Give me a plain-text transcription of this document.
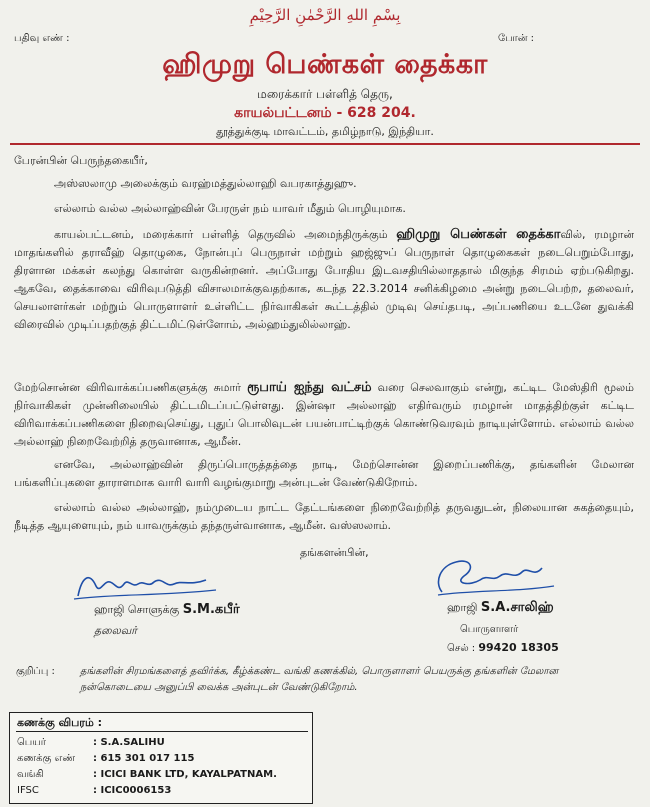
بِسْمِ اللهِ الرَّحْمٰنِ الرَّحِيْمِ
பதிவு எண் :	போன் :
ஹிமுறு பெண்கள் தைக்கா
மரைக்கார் பள்ளித் தெரு,
காயல்பட்டனம் - 628 204.
தூத்துக்குடி மாவட்டம், தமிழ்நாடு, இந்தியா.
பேரன்பின் பெருந்தகையீர்,
அஸ்ஸலாமு அலைக்கும் வரஹ்மத்துல்லாஹி வபரகாத்துஹு.
எல்லாம் வல்ல அல்லாஹ்வின் பேரருள் நம் யாவர் மீதும் பொழியுமாக.
காயல்பட்டனம், மரைக்கார் பள்ளித் தெருவில் அமைந்திருக்கும் ஹிமுறு பெண்கள் தைக்காவில், ரமழான் மாதங்களில் தராவீஹ் தொழுகை, நோன்புப் பெருநாள் மற்றும் ஹஜ்ஜுப் பெருநாள் தொழுகைகள் நடைபெறும்போது, திரளான மக்கள் கலந்து கொள்ள வருகின்றனர். அப்போது போதிய இடவசதியில்லாததால் மிகுந்த சிரமம் ஏற்படுகிறது. ஆகவே, தைக்காவை விரிவுபடுத்தி விசாலமாக்குவதற்காக, கடந்த 22.3.2014 சனிக்கிழமை அன்று நடைபெற்ற, தலைவர், செயலாளர்கள் மற்றும் பொருளாளர் உள்ளிட்ட நிர்வாகிகள் கூட்டத்தில் முடிவு செய்தபடி, அப்பணியை உடனே துவக்கி விரைவில் முடிப்பதற்குத் திட்டமிட்டுள்ளோம், அல்ஹம்துலில்லாஹ்.
மேற்சொன்ன விரிவாக்கப்பணிகளுக்கு சுமார் ரூபாய் ஐந்து வட்சம் வரை செலவாகும் என்று, கட்டிட மேஸ்திரி மூலம் நிர்வாகிகள் முன்னிலையில் திட்டமிடப்பட்டுள்ளது. இன்ஷா அல்லாஹ் எதிர்வரும் ரமழான் மாதத்திற்குள் கட்டிட விரிவாக்கப்பணிகளை நிறைவுசெய்து, புதுப் பொலிவுடன் பயன்பாட்டிற்குக் கொண்டுவரவும் நாடியுள்ளோம். எல்லாம் வல்ல அல்லாஹ் நிறைவேற்றித் தருவானாக, ஆமீன்.
எனவே, அல்லாஹ்வின் திருப்பொருத்தத்தை நாடி, மேற்சொன்ன இறைப்பணிக்கு, தங்களின் மேலான பங்களிப்புகளை தாராளமாக வாரி வாரி வழங்குமாறு அன்புடன் வேண்டுகிறோம்.
எல்லாம் வல்ல அல்லாஹ், நம்முடைய நாட்ட தேட்டங்களை நிறைவேற்றித் தருவதுடன், நிலையான சுகத்தையும், நீடித்த ஆயுளையும், நம் யாவருக்கும் தந்தருள்வானாக, ஆமீன். வஸ்ஸலாம்.
தங்களன்பின்,
ஹாஜி சொளுக்கு S.M.கபீர்
தலைவர்
ஹாஜி S.A.சாலிஹ்
பொருளாளர்
செல் : 99420 18305
குறிப்பு :	தங்களின் சிரமங்களைத் தவிர்க்க, கீழ்க்கண்ட வங்கி கணக்கில், பொருளாளர் பெயருக்கு தங்களின் மேலான நன்கொடையை அனுப்பி வைக்க அன்புடன் வேண்டுகிறோம்.
கணக்கு விபரம் :
பெயர்	: S.A.SALIHU
கணக்கு எண் : 615 301 017 115
வங்கி	: ICICI BANK LTD, KAYALPATNAM.
IFSC	: ICIC0006153
